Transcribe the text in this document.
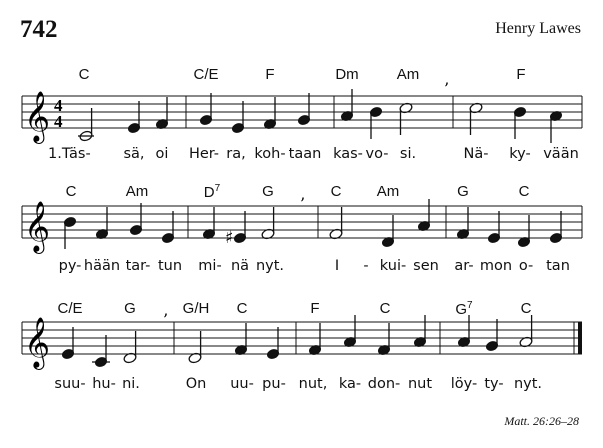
742	Henry Lawes
𝄞 4
4
’
C	C/E	F	Dm	Am	F
1.Täs- sä, oi Her- ra, koh- taan kas- vo- si.	Nä- ky- vään
𝄞	♯
’
C	Am	$D^7$	G	C Am	G	C
py- hään tar- tun mi- nä nyt.	I - kui- sen ar- mon o- tan
𝄞	’
C/E	G	G/H C	F	C	$G^7$	C
suu- hu- ni.	On uu- pu- nut, ka- don- nut löy- ty- nyt.
Matt. 26:26–28
